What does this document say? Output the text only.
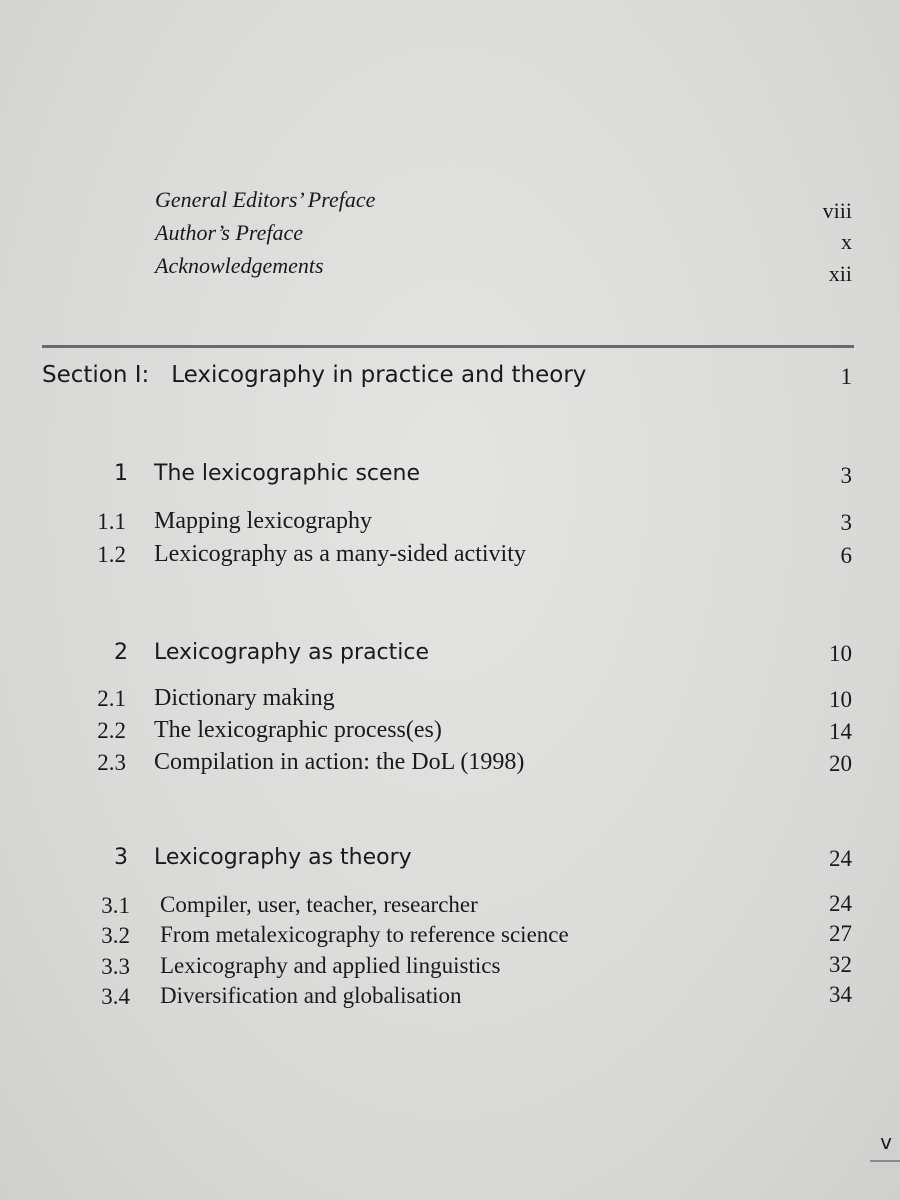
General Editors’ Preface	viii
Author’s Preface	x
Acknowledgements	xii
Section I:   Lexicography in practice and theory	1
1 The lexicographic scene	3
1.1 Mapping lexicography	3
1.2 Lexicography as a many-sided activity	6
2 Lexicography as practice	10
2.1 Dictionary making	10
2.2 The lexicographic process(es)	14
2.3 Compilation in action: the DoL (1998)	20
3 Lexicography as theory	24
3.1 Compiler, user, teacher, researcher	24
3.2 From metalexicography to reference science	27
3.3 Lexicography and applied linguistics	32
3.4 Diversification and globalisation	34
v
